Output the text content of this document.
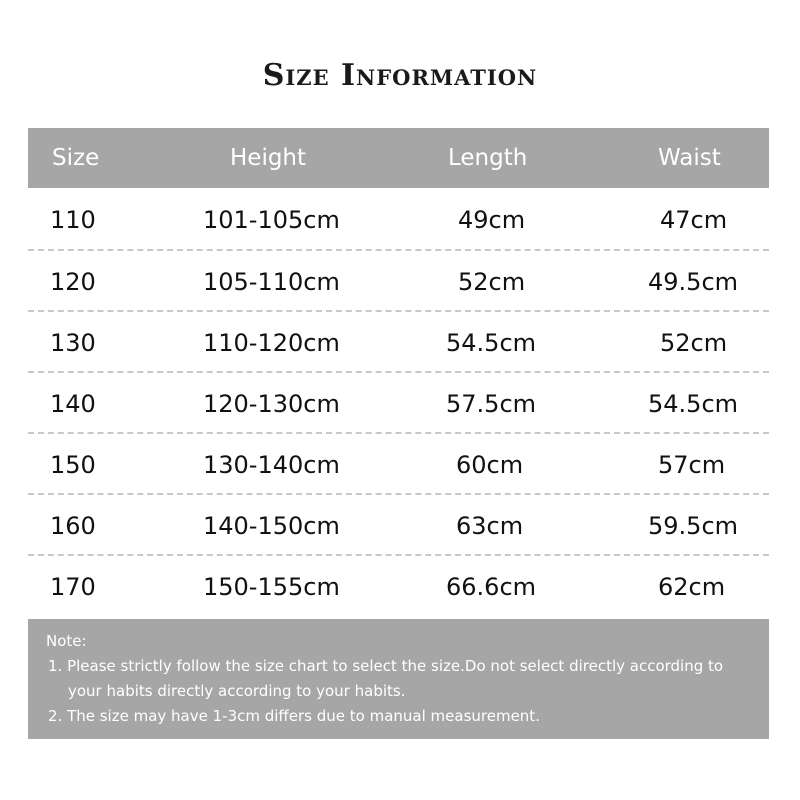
Size Information
Size	Height	Length	Waist
110	101-105cm	49cm	47cm
120	105-110cm	52cm	49.5cm
130	110-120cm	54.5cm	52cm
140	120-130cm	57.5cm	54.5cm
150	130-140cm	60cm	57cm
160	140-150cm	63cm	59.5cm
170	150-155cm	66.6cm	62cm
Note:
1. Please strictly follow the size chart to select the size.Do not select directly according to
your habits directly according to your habits.
2. The size may have 1-3cm differs due to manual measurement.
